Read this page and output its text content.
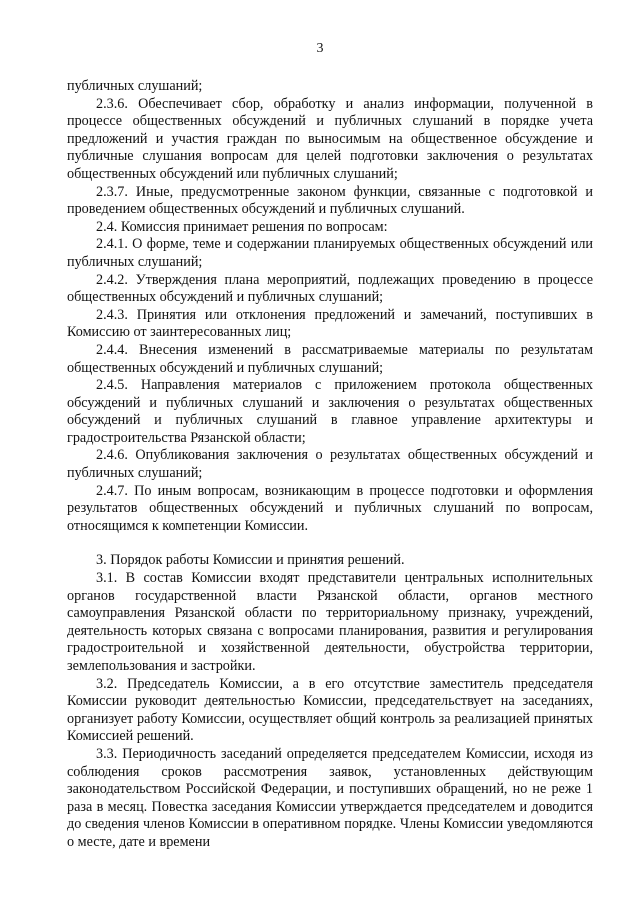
3

публичных слушаний;

2.3.6. Обеспечивает сбор, обработку и анализ информации, полученной в процессе общественных обсуждений и публичных слушаний в порядке учета предложений и участия граждан по выносимым на общественное обсуждение и публичные слушания вопросам для целей подготовки заключения о результатах общественных обсуждений или публичных слушаний;

2.3.7. Иные, предусмотренные законом функции, связанные с подготовкой и проведением общественных обсуждений и публичных слушаний.

2.4. Комиссия принимает решения по вопросам:

2.4.1. О форме, теме и содержании планируемых общественных обсуждений или публичных слушаний;

2.4.2. Утверждения плана мероприятий, подлежащих проведению в процессе общественных обсуждений и публичных слушаний;

2.4.3. Принятия или отклонения предложений и замечаний, поступивших в Комиссию от заинтересованных лиц;

2.4.4. Внесения изменений в рассматриваемые материалы по результатам общественных обсуждений и публичных слушаний;

2.4.5. Направления материалов с приложением протокола общественных обсуждений и публичных слушаний и заключения о результатах общественных обсуждений и публичных слушаний в главное управление архитектуры и градостроительства Рязанской области;

2.4.6. Опубликования заключения о результатах общественных обсуждений и публичных слушаний;

2.4.7. По иным вопросам, возникающим в процессе подготовки и оформления результатов общественных обсуждений и публичных слушаний по вопросам, относящимся к компетенции Комиссии.

3. Порядок работы Комиссии и принятия решений.

3.1. В состав Комиссии входят представители центральных исполнительных органов государственной власти Рязанской области, органов местного самоуправления Рязанской области по территориальному признаку, учреждений, деятельность которых связана с вопросами планирования, развития и регулирования градостроительной и хозяйственной деятельности, обустройства территории, землепользования и застройки.

3.2. Председатель Комиссии, а в его отсутствие заместитель председателя Комиссии руководит деятельностью Комиссии, председательствует на заседаниях, организует работу Комиссии, осуществляет общий контроль за реализацией принятых Комиссией решений.

3.3. Периодичность заседаний определяется председателем Комиссии, исходя из соблюдения сроков рассмотрения заявок, установленных действующим законодательством Российской Федерации, и поступивших обращений, но не реже 1 раза в месяц. Повестка заседания Комиссии утверждается председателем и доводится до сведения членов Комиссии в оперативном порядке. Члены Комиссии уведомляются о месте, дате и времени
